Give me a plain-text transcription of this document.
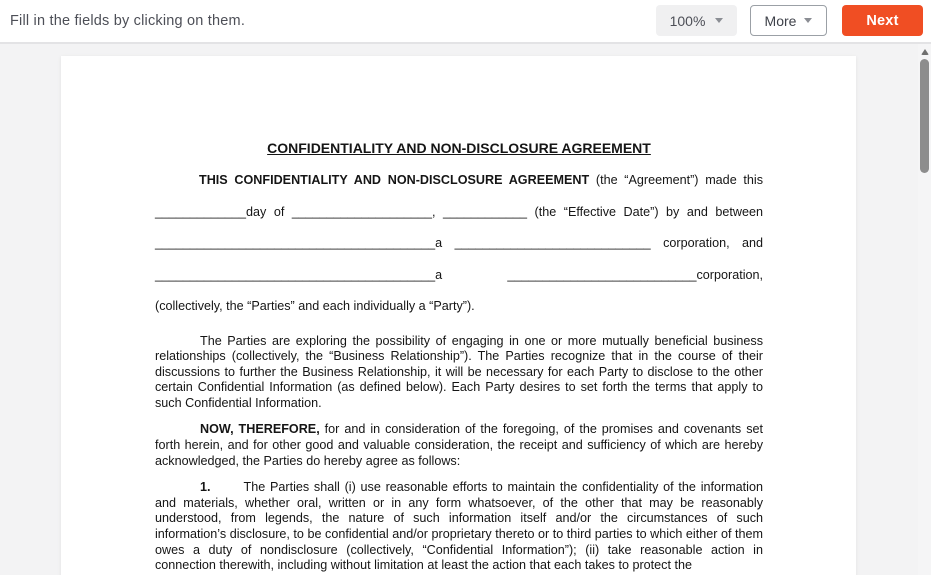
Fill in the fields by clicking on them.	100%	More	Next
CONFIDENTIALITY AND NON-DISCLOSURE AGREEMENT
THIS CONFIDENTIALITY AND NON-DISCLOSURE AGREEMENT (the “Agreement”) made this
_____________day of ____________________, ____________ (the “Effective Date”) by and between
________________________________________a ____________________________ corporation, and
________________________________________a ___________________________corporation,
(collectively, the “Parties” and each individually a “Party”).

The Parties are exploring the possibility of engaging in one or more mutually beneficial business relationships (collectively, the “Business Relationship”). The Parties recognize that in the course of their discussions to further the Business Relationship, it will be necessary for each Party to disclose to the other certain Confidential Information (as defined below). Each Party desires to set forth the terms that apply to such Confidential Information.

NOW, THEREFORE, for and in consideration of the foregoing, of the promises and covenants set forth herein, and for other good and valuable consideration, the receipt and sufficiency of which are hereby acknowledged, the Parties do hereby agree as follows:

1.	The Parties shall (i) use reasonable efforts to maintain the confidentiality of the information and materials, whether oral, written or in any form whatsoever, of the other that may be reasonably understood, from legends, the nature of such information itself and/or the circumstances of such information’s disclosure, to be confidential and/or proprietary thereto or to third parties to which either of them owes a duty of nondisclosure (collectively, “Confidential Information”); (ii) take reasonable action in connection therewith, including without limitation at least the action that each takes to protect the
